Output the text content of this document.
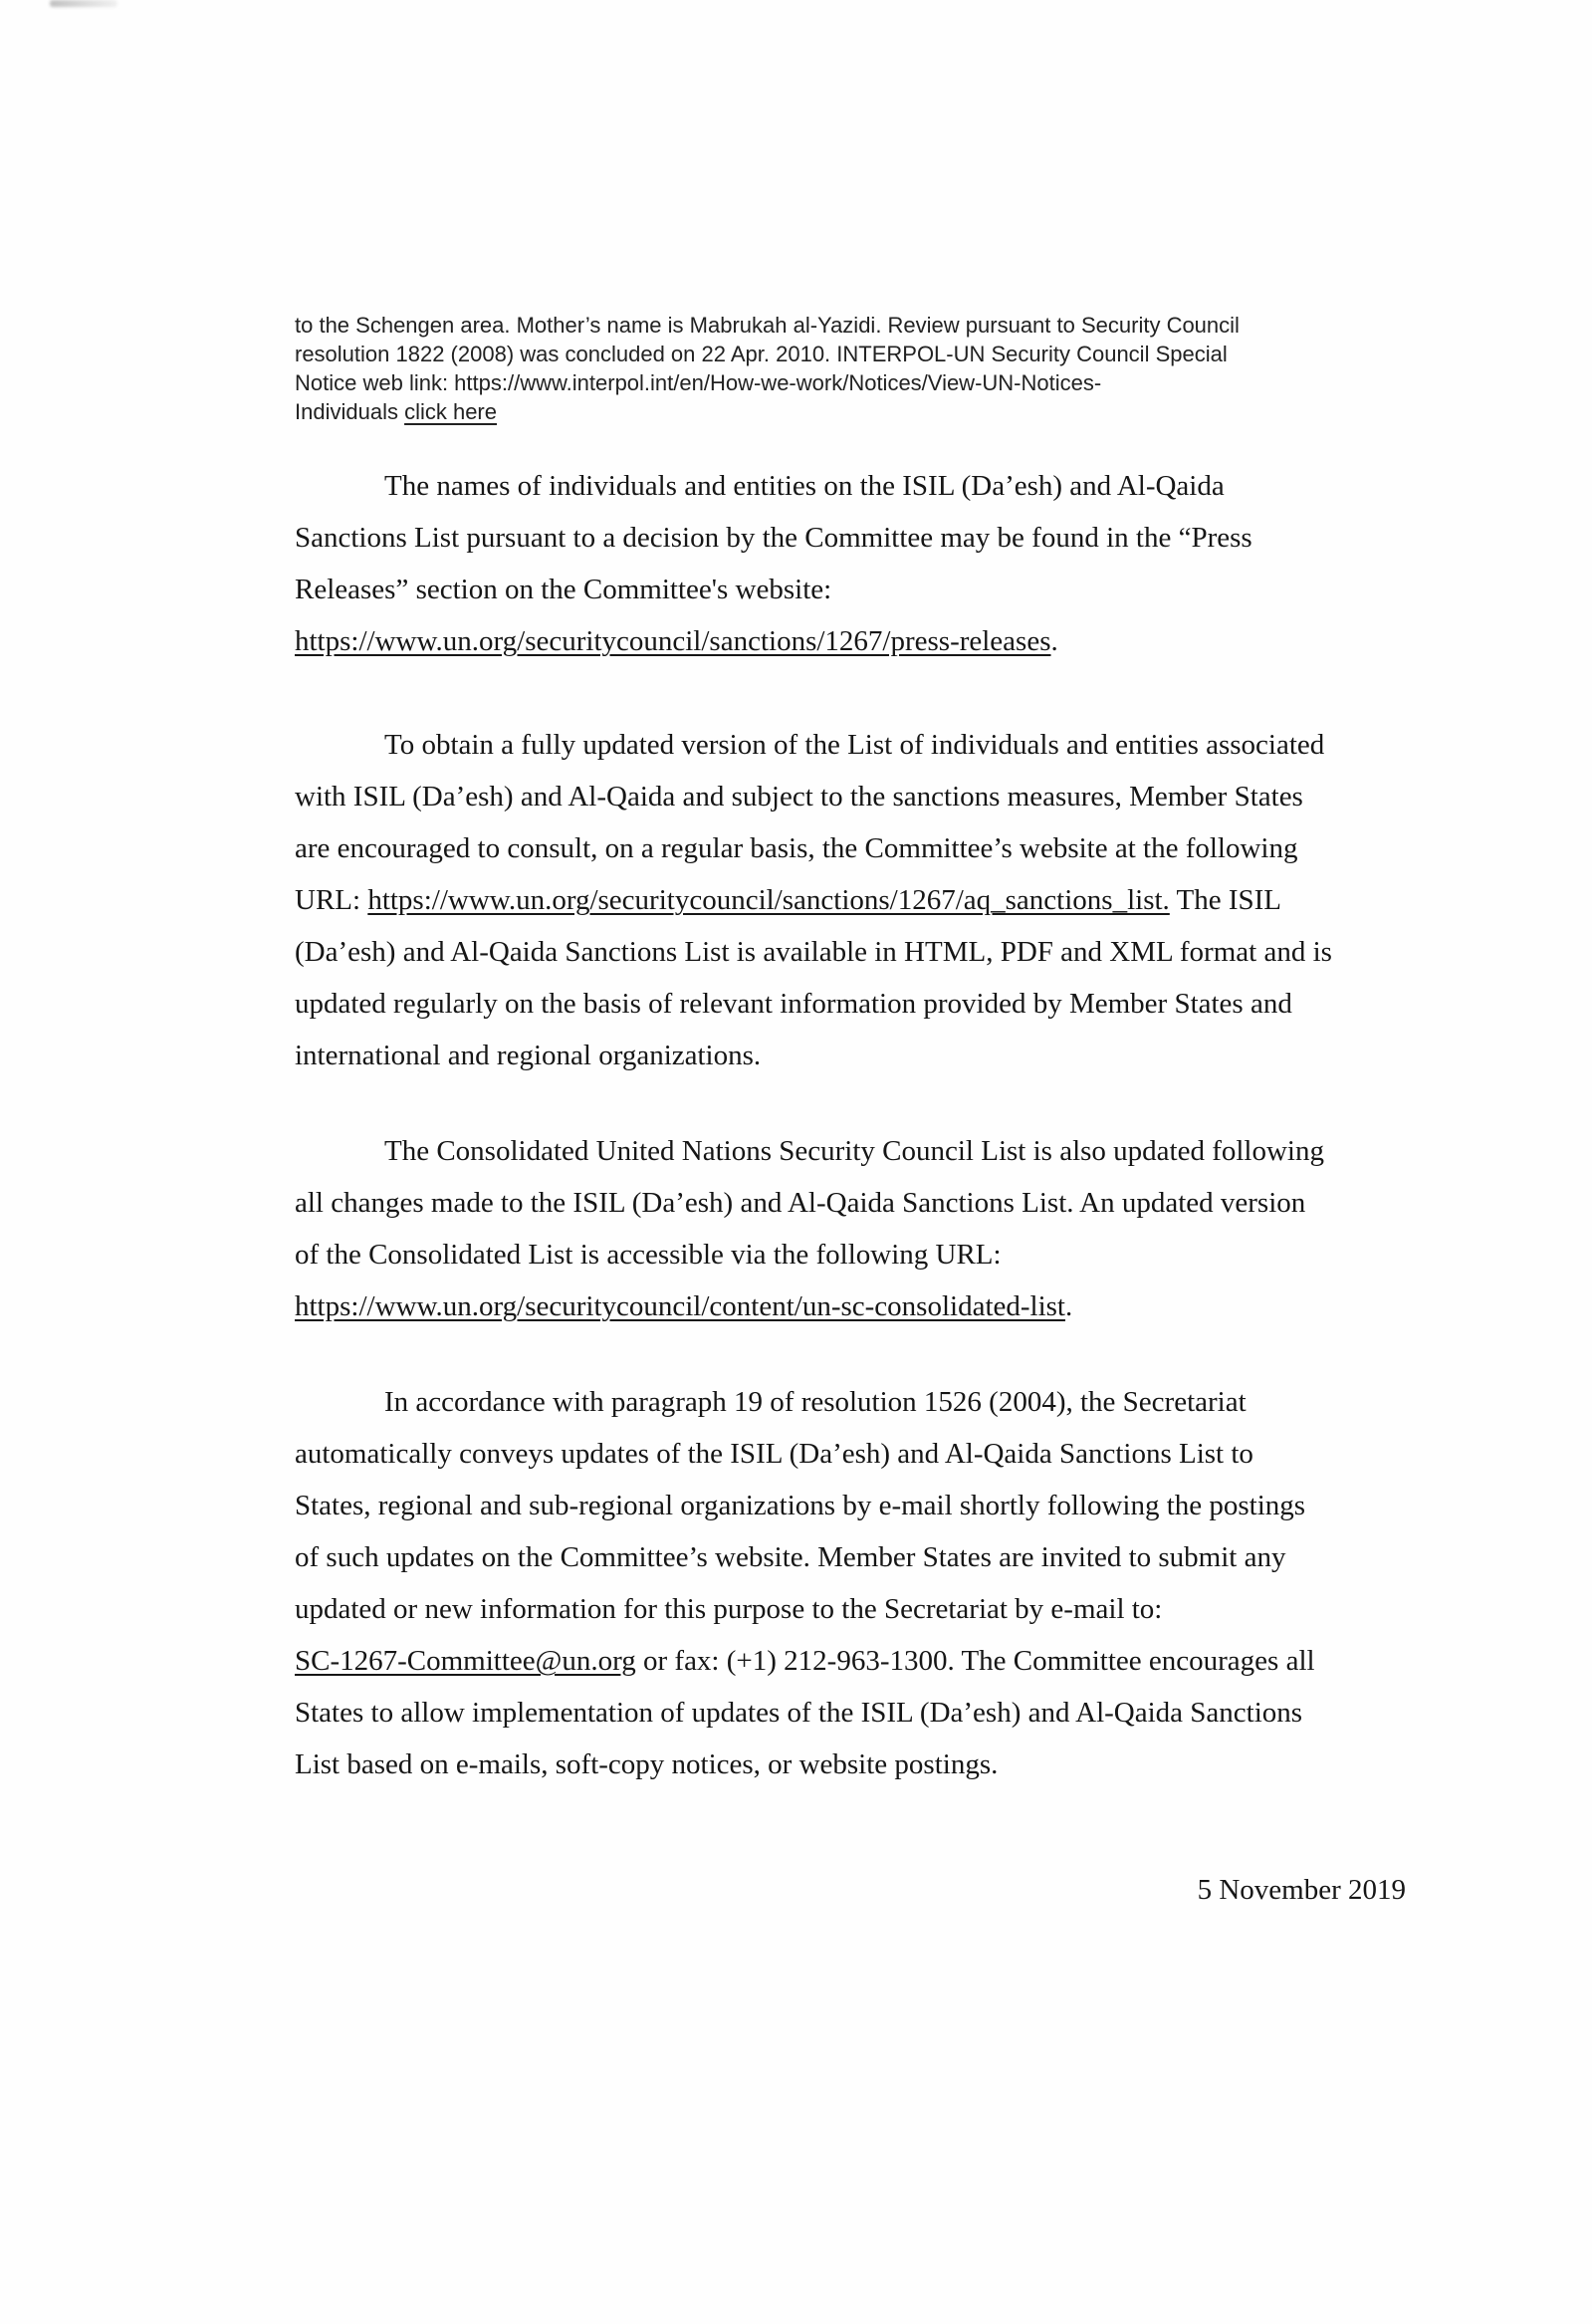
to the Schengen area. Mother’s name is Mabrukah al-Yazidi. Review pursuant to Security Council
resolution 1822 (2008) was concluded on 22 Apr. 2010. INTERPOL-UN Security Council Special
Notice web link: https://www.interpol.int/en/How-we-work/Notices/View-UN-Notices-
Individuals click here
The names of individuals and entities on the ISIL (Da’esh) and Al-Qaida
Sanctions List pursuant to a decision by the Committee may be found in the “Press
Releases” section on the Committee's website:
https://www.un.org/securitycouncil/sanctions/1267/press-releases.
To obtain a fully updated version of the List of individuals and entities associated
with ISIL (Da’esh) and Al-Qaida and subject to the sanctions measures, Member States
are encouraged to consult, on a regular basis, the Committee’s website at the following
URL: https://www.un.org/securitycouncil/sanctions/1267/aq_sanctions_list. The ISIL
(Da’esh) and Al-Qaida Sanctions List is available in HTML, PDF and XML format and is
updated regularly on the basis of relevant information provided by Member States and
international and regional organizations.
The Consolidated United Nations Security Council List is also updated following
all changes made to the ISIL (Da’esh) and Al-Qaida Sanctions List. An updated version
of the Consolidated List is accessible via the following URL:
https://www.un.org/securitycouncil/content/un-sc-consolidated-list.
In accordance with paragraph 19 of resolution 1526 (2004), the Secretariat
automatically conveys updates of the ISIL (Da’esh) and Al-Qaida Sanctions List to
States, regional and sub-regional organizations by e-mail shortly following the postings
of such updates on the Committee’s website. Member States are invited to submit any
updated or new information for this purpose to the Secretariat by e-mail to:
SC-1267-Committee@un.org or fax: (+1) 212-963-1300. The Committee encourages all
States to allow implementation of updates of the ISIL (Da’esh) and Al-Qaida Sanctions
List based on e-mails, soft-copy notices, or website postings.
5 November 2019
